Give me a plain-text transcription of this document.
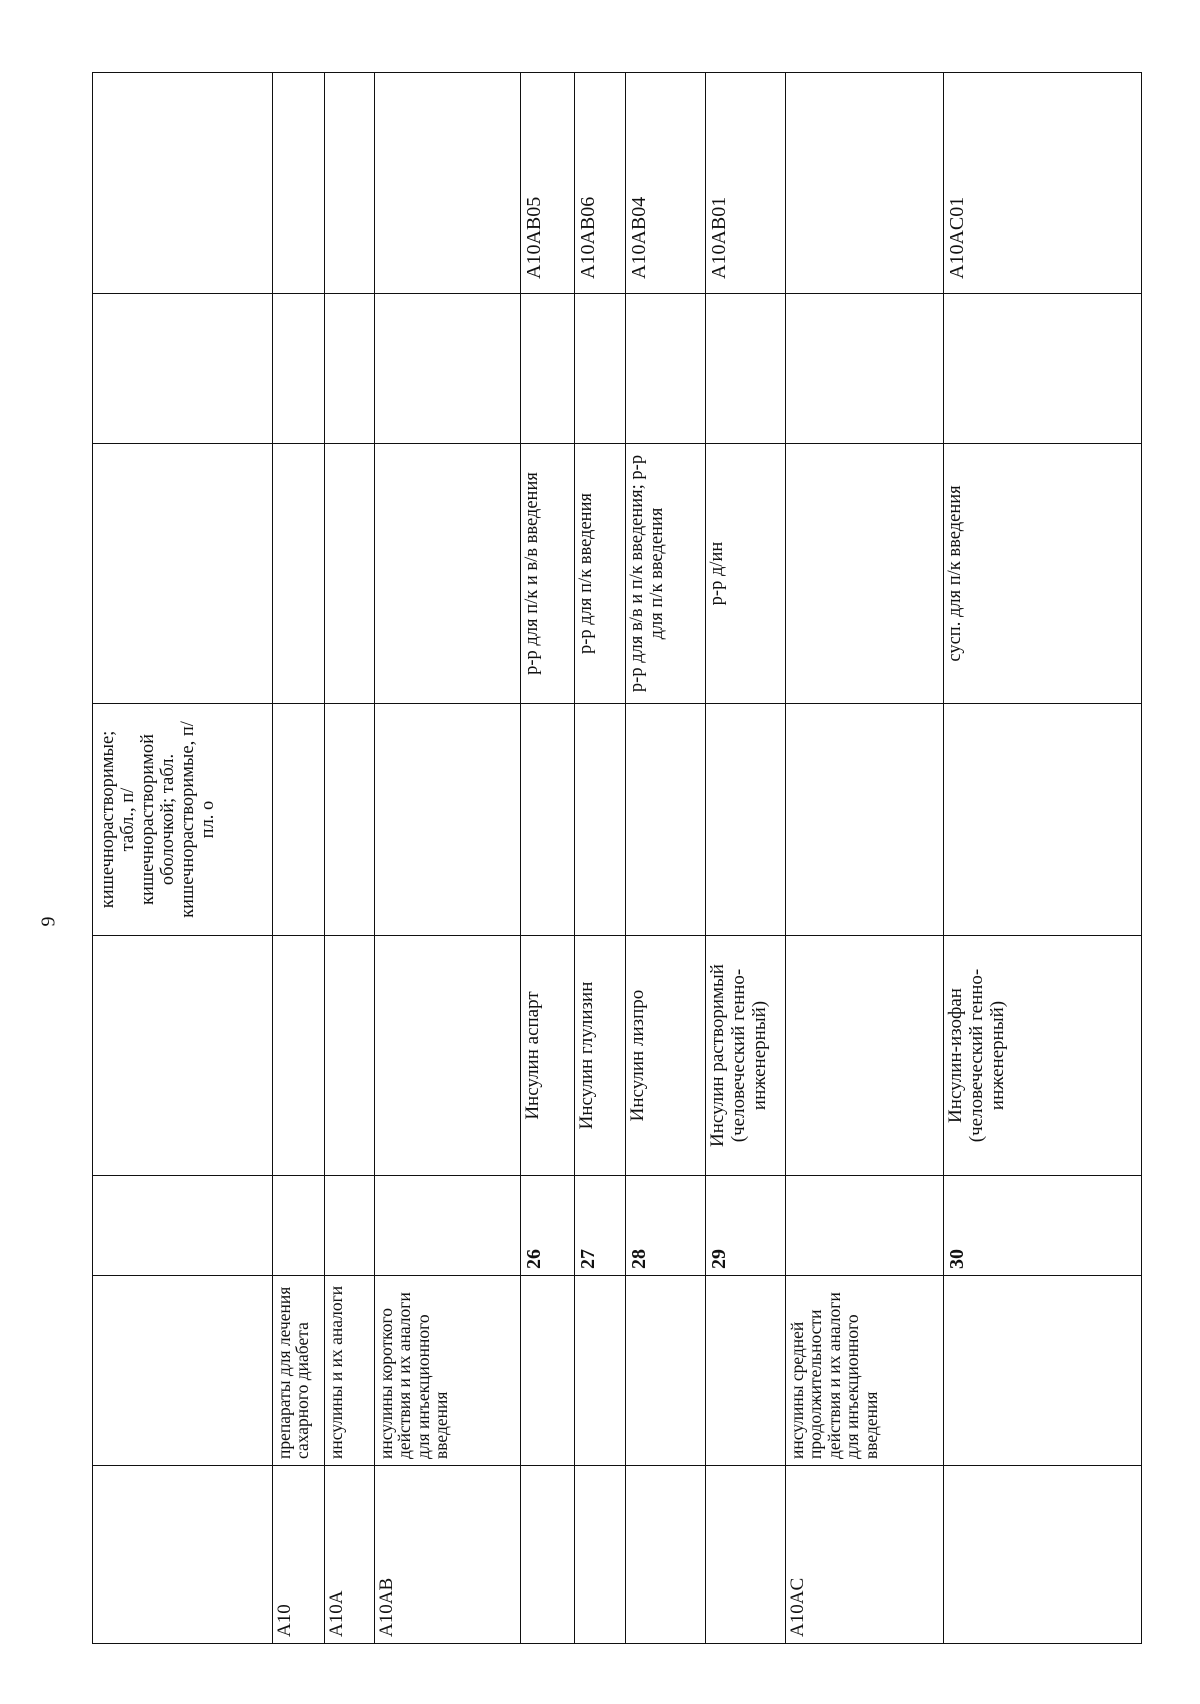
9
кишечнорастворимые; табл., п/кишечнорастворимой оболочкой; табл. кишечнорастворимые, п/пл. о
A10
препараты для лечения сахарного диабета
A10A
инсулины и их аналоги
A10AB
инсулины короткого действия и их аналоги для инъекционного введения
26
Инсулин аспарт
р-р для п/к и в/в введения
A10AB05
27
Инсулин глулизин
р-р для п/к введения
A10AB06
28
Инсулин лизпро
р-р для в/в и п/к введения; р-р для п/к введения
A10AB04
29
Инсулин растворимый (человеческий генно-инженерный)
р-р д/ин
A10AB01
A10AC
инсулины средней продолжительности действия и их аналоги для инъекционного введения
30
Инсулин-изофан (человеческий генно-инженерный)
сусп. для п/к введения
A10AC01
